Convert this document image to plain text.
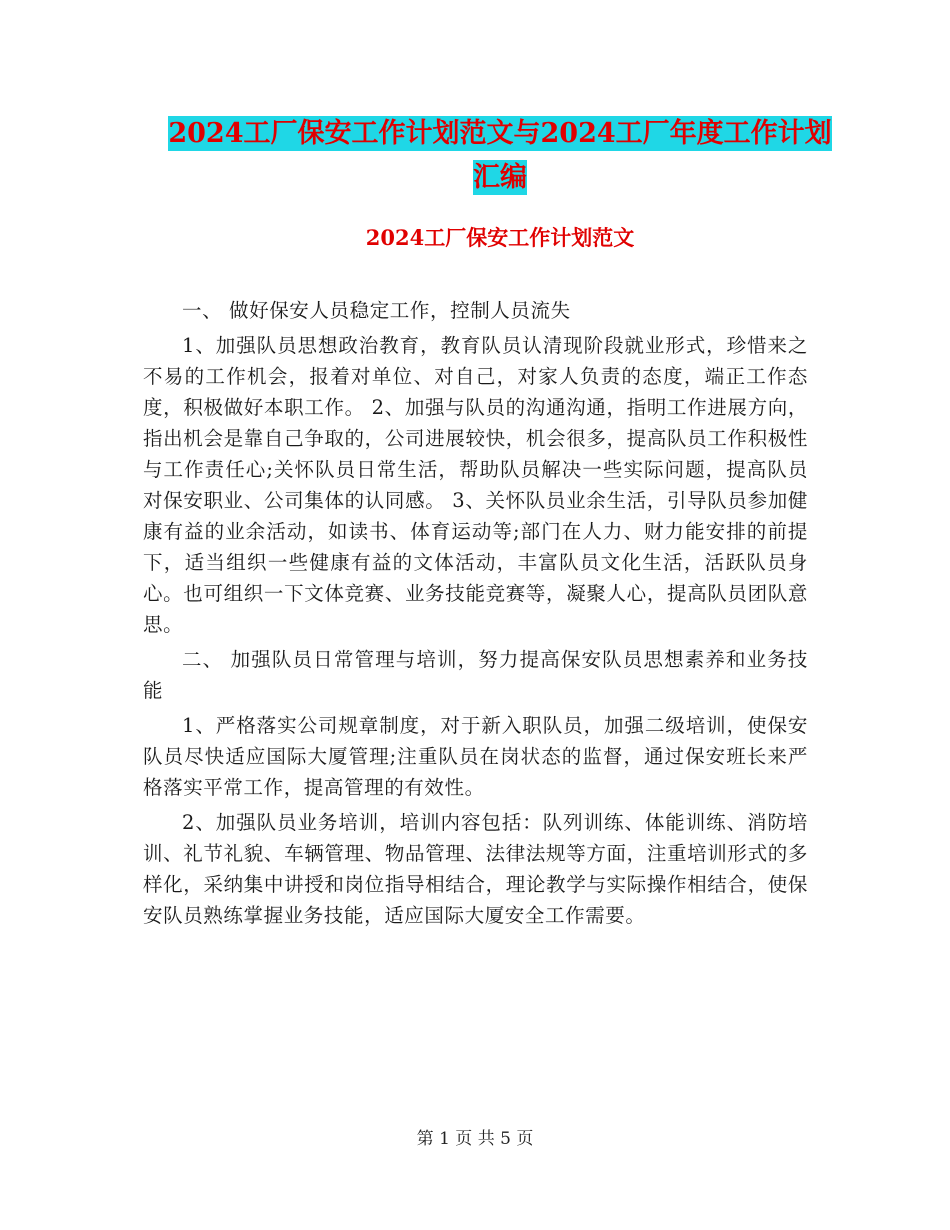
2024工厂保安工作计划范文与2024工厂年度工作计划
汇编
2024工厂保安工作计划范文

一、 做好保安人员稳定工作，控制人员流失

1、加强队员思想政治教育，教育队员认清现阶段就业形式，珍惜来之不易的工作机会，报着对单位、对自己，对家人负责的态度，端正工作态度，积极做好本职工作。 2、加强与队员的沟通沟通，指明工作进展方向，指出机会是靠自己争取的，公司进展较快，机会很多，提高队员工作积极性与工作责任心;关怀队员日常生活，帮助队员解决一些实际问题，提高队员对保安职业、公司集体的认同感。 3、关怀队员业余生活，引导队员参加健康有益的业余活动，如读书、体育运动等;部门在人力、财力能安排的前提下，适当组织一些健康有益的文体活动，丰富队员文化生活，活跃队员身心。也可组织一下文体竞赛、业务技能竞赛等，凝聚人心，提高队员团队意思。

二、 加强队员日常管理与培训，努力提高保安队员思想素养和业务技能

1、严格落实公司规章制度，对于新入职队员，加强二级培训，使保安队员尽快适应国际大厦管理;注重队员在岗状态的监督，通过保安班长来严格落实平常工作，提高管理的有效性。

2、加强队员业务培训，培训内容包括：队列训练、体能训练、消防培训、礼节礼貌、车辆管理、物品管理、法律法规等方面，注重培训形式的多样化，采纳集中讲授和岗位指导相结合，理论教学与实际操作相结合，使保安队员熟练掌握业务技能，适应国际大厦安全工作需要。

第 1 页 共 5 页
